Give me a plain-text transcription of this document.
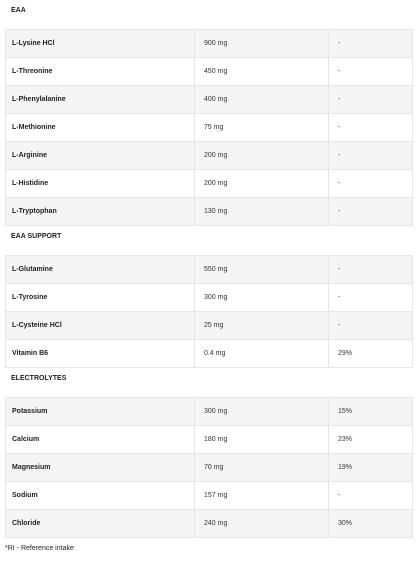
EAA
L-Lysine HCl	900 mg	-
L-Threonine	450 mg	-
L-Phenylalanine	400 mg	-
L-Methionine	75 mg	-
L-Arginine	200 mg	-
L-Histidine	200 mg	-
L-Tryptophan	130 mg	-
EAA SUPPORT
L-Glutamine	550 mg	-
L-Tyrosine	300 mg	-
L-Cysteine HCl	25 mg	-
Vitamin B6	0.4 mg	29%
ELECTROLYTES
Potassium	300 mg	15%
Calcium	180 mg	23%
Magnesium	70 mg	19%
Sodium	157 mg	-
Chloride	240 mg	30%
*RI - Reference intake
